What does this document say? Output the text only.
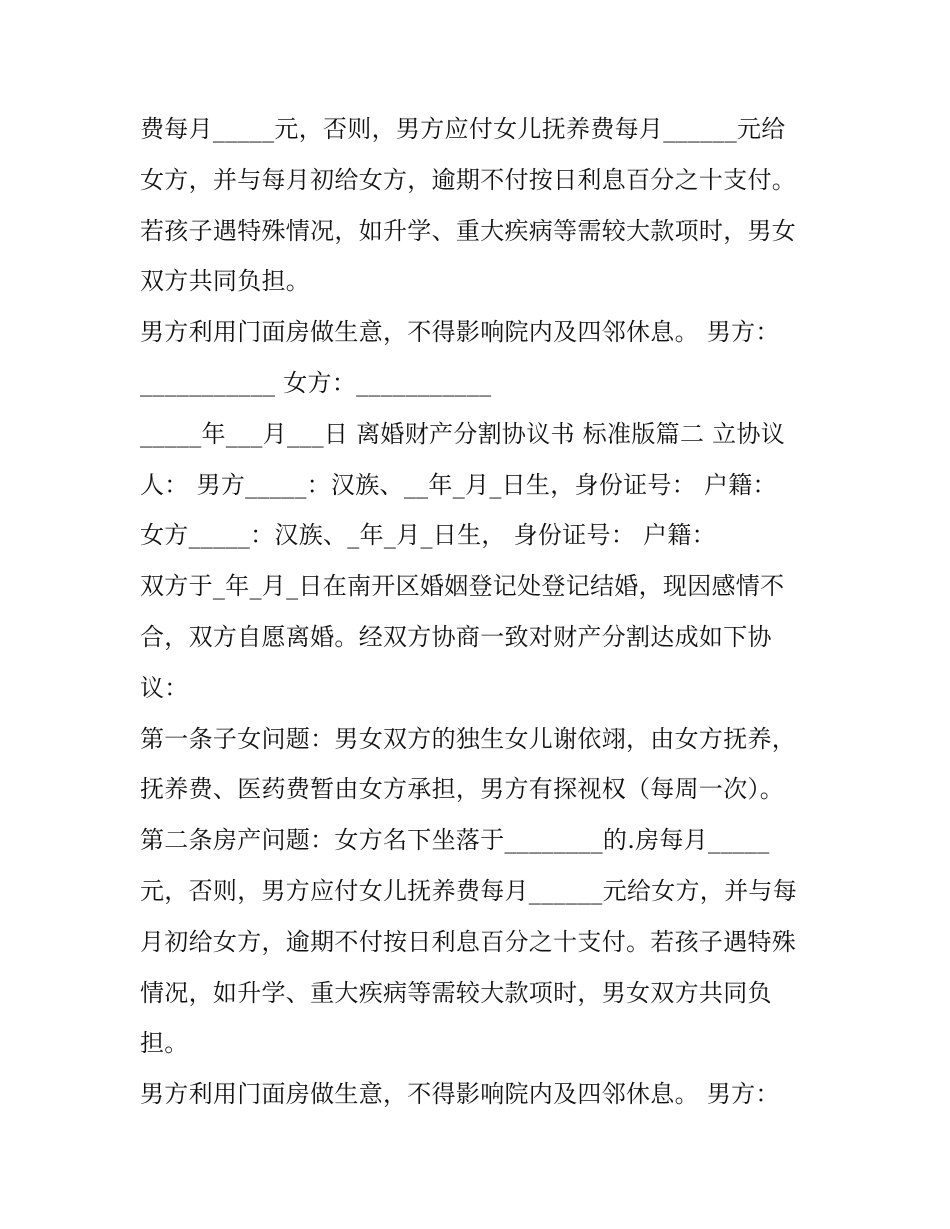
费每月_____元，否则，男方应付女儿抚养费每月______元给
女方，并与每月初给女方，逾期不付按日利息百分之十支付。
若孩子遇特殊情况，如升学、重大疾病等需较大款项时，男女
双方共同负担。
男方利用门面房做生意，不得影响院内及四邻休息。 男方：
___________ 女方：___________
_____年___月___日 离婚财产分割协议书 标准版篇二 立协议
人： 男方_____：汉族、__年_月_日生，身份证号： 户籍：
女方_____：汉族、_年_月_日生， 身份证号： 户籍：
双方于_年_月_日在南开区婚姻登记处登记结婚，现因感情不
合，双方自愿离婚。经双方协商一致对财产分割达成如下协
议：
第一条子女问题：男女双方的独生女儿谢依翊，由女方抚养，
抚养费、医药费暂由女方承担，男方有探视权（每周一次）。
第二条房产问题：女方名下坐落于________的.房每月_____
元，否则，男方应付女儿抚养费每月______元给女方，并与每
月初给女方，逾期不付按日利息百分之十支付。若孩子遇特殊
情况，如升学、重大疾病等需较大款项时，男女双方共同负
担。
男方利用门面房做生意，不得影响院内及四邻休息。 男方：
